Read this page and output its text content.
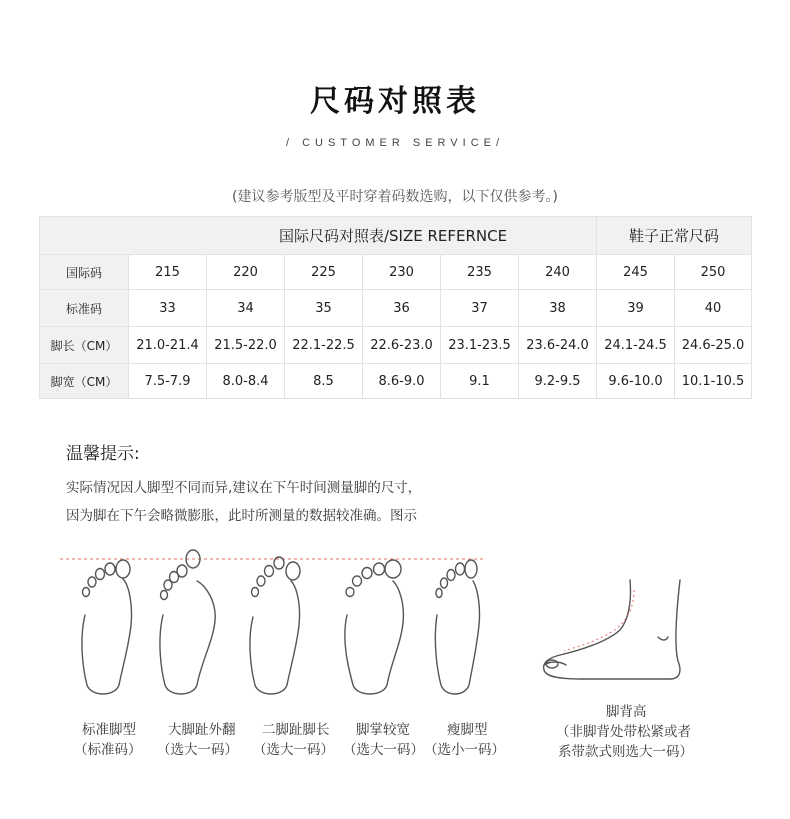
尺码对照表
/ CUSTOMER SERVICE/
(建议参考版型及平时穿着码数选购，以下仅供参考。)
国际尺码对照表/SIZE REFERNCE							鞋子正常尺码	
国际码	215	220	225	230	235	240	245	250
标准码	33	34	35	36	37	38	39	40
脚长（CM）	21.0-21.4	21.5-22.0	22.1-22.5	22.6-23.0	23.1-23.5	23.6-24.0	24.1-24.5	24.6-25.0
脚宽（CM）	7.5-7.9	8.0-8.4	8.5	8.6-9.0	9.1	9.2-9.5	9.6-10.0	10.1-10.5
温馨提示:
实际情况因人脚型不同而异,建议在下午时间测量脚的尺寸，
因为脚在下午会略微膨胀，此时所测量的数据较准确。图示
标准脚型
（标准码）
大脚趾外翻
（选大一码）
二脚趾脚长
（选大一码）
脚掌较宽
（选大一码）
瘦脚型
（选小一码）
脚背高
（非脚背处带松紧或者
系带款式则选大一码）
